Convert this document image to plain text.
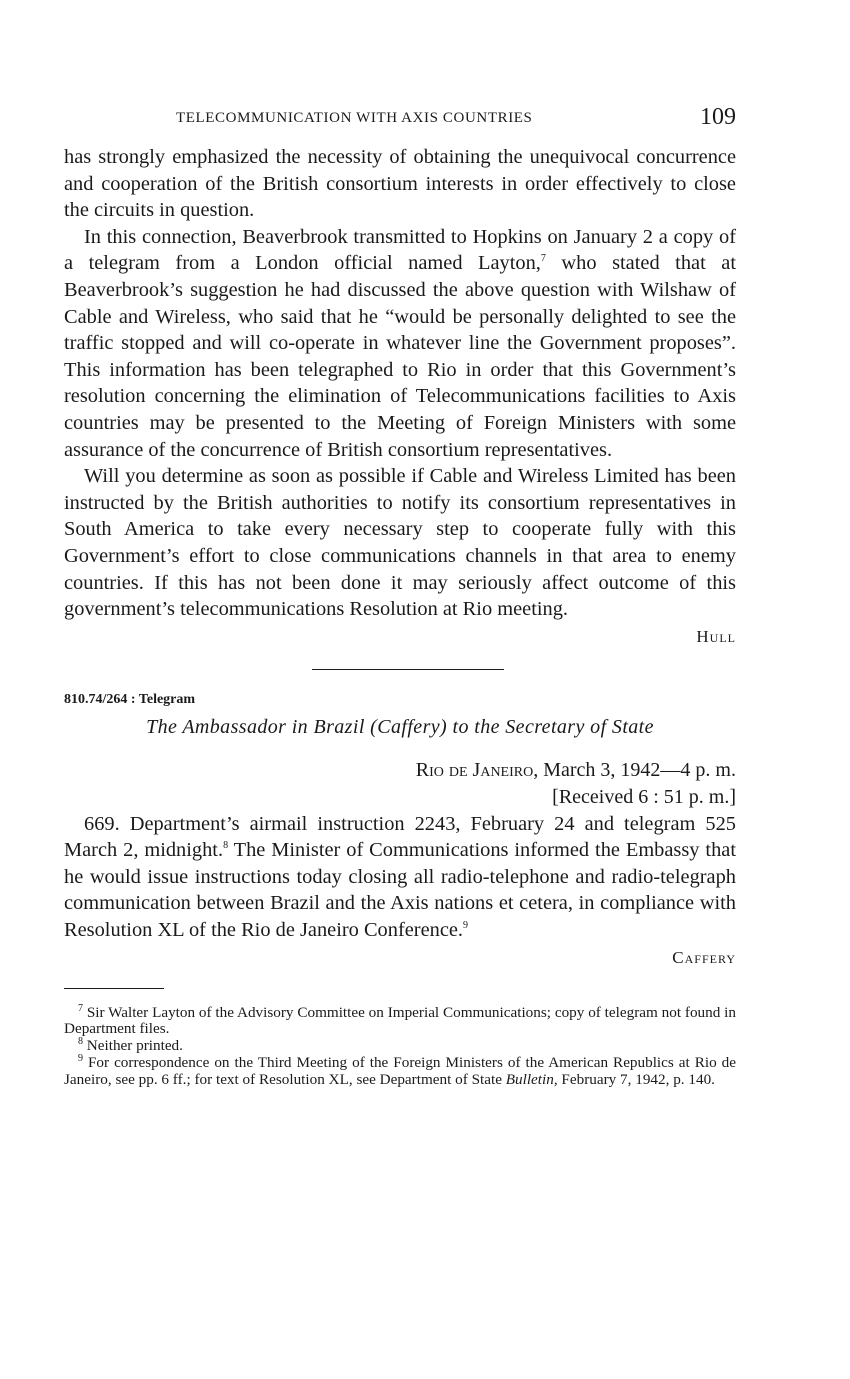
TELECOMMUNICATION WITH AXIS COUNTRIES	109

has strongly emphasized the necessity of obtaining the unequivocal concurrence and cooperation of the British consortium interests in order effectively to close the circuits in question.

In this connection, Beaverbrook transmitted to Hopkins on January 2 a copy of a telegram from a London official named Layton,$^7$ who stated that at Beaverbrook’s suggestion he had discussed the above question with Wilshaw of Cable and Wireless, who said that he “would be personally delighted to see the traffic stopped and will co-operate in whatever line the Government proposes”. This information has been telegraphed to Rio in order that this Government’s resolution concerning the elimination of Telecommunications facilities to Axis countries may be presented to the Meeting of Foreign Ministers with some assurance of the concurrence of British consortium representatives.

Will you determine as soon as possible if Cable and Wireless Limited has been instructed by the British authorities to notify its consortium representatives in South America to take every necessary step to cooperate fully with this Government’s effort to close communications channels in that area to enemy countries. If this has not been done it may seriously affect outcome of this government’s telecommunications Resolution at Rio meeting.

Hull
810.74/264 : Telegram
The Ambassador in Brazil (Caffery) to the Secretary of State
Rio de Janeiro, March 3, 1942—4 p. m.
[Received 6 : 51 p. m.]

669. Department’s airmail instruction 2243, February 24 and telegram 525 March 2, midnight.$^8$ The Minister of Communications informed the Embassy that he would issue instructions today closing all radio-telephone and radio-telegraph communication between Brazil and the Axis nations et cetera, in compliance with Resolution XL of the Rio de Janeiro Conference.$^9$

Caffery

$^7$ Sir Walter Layton of the Advisory Committee on Imperial Communications; copy of telegram not found in Department files.

$^8$ Neither printed.

$^9$ For correspondence on the Third Meeting of the Foreign Ministers of the American Republics at Rio de Janeiro, see pp. 6 ff.; for text of Resolution XL, see Department of State Bulletin, February 7, 1942, p. 140.
